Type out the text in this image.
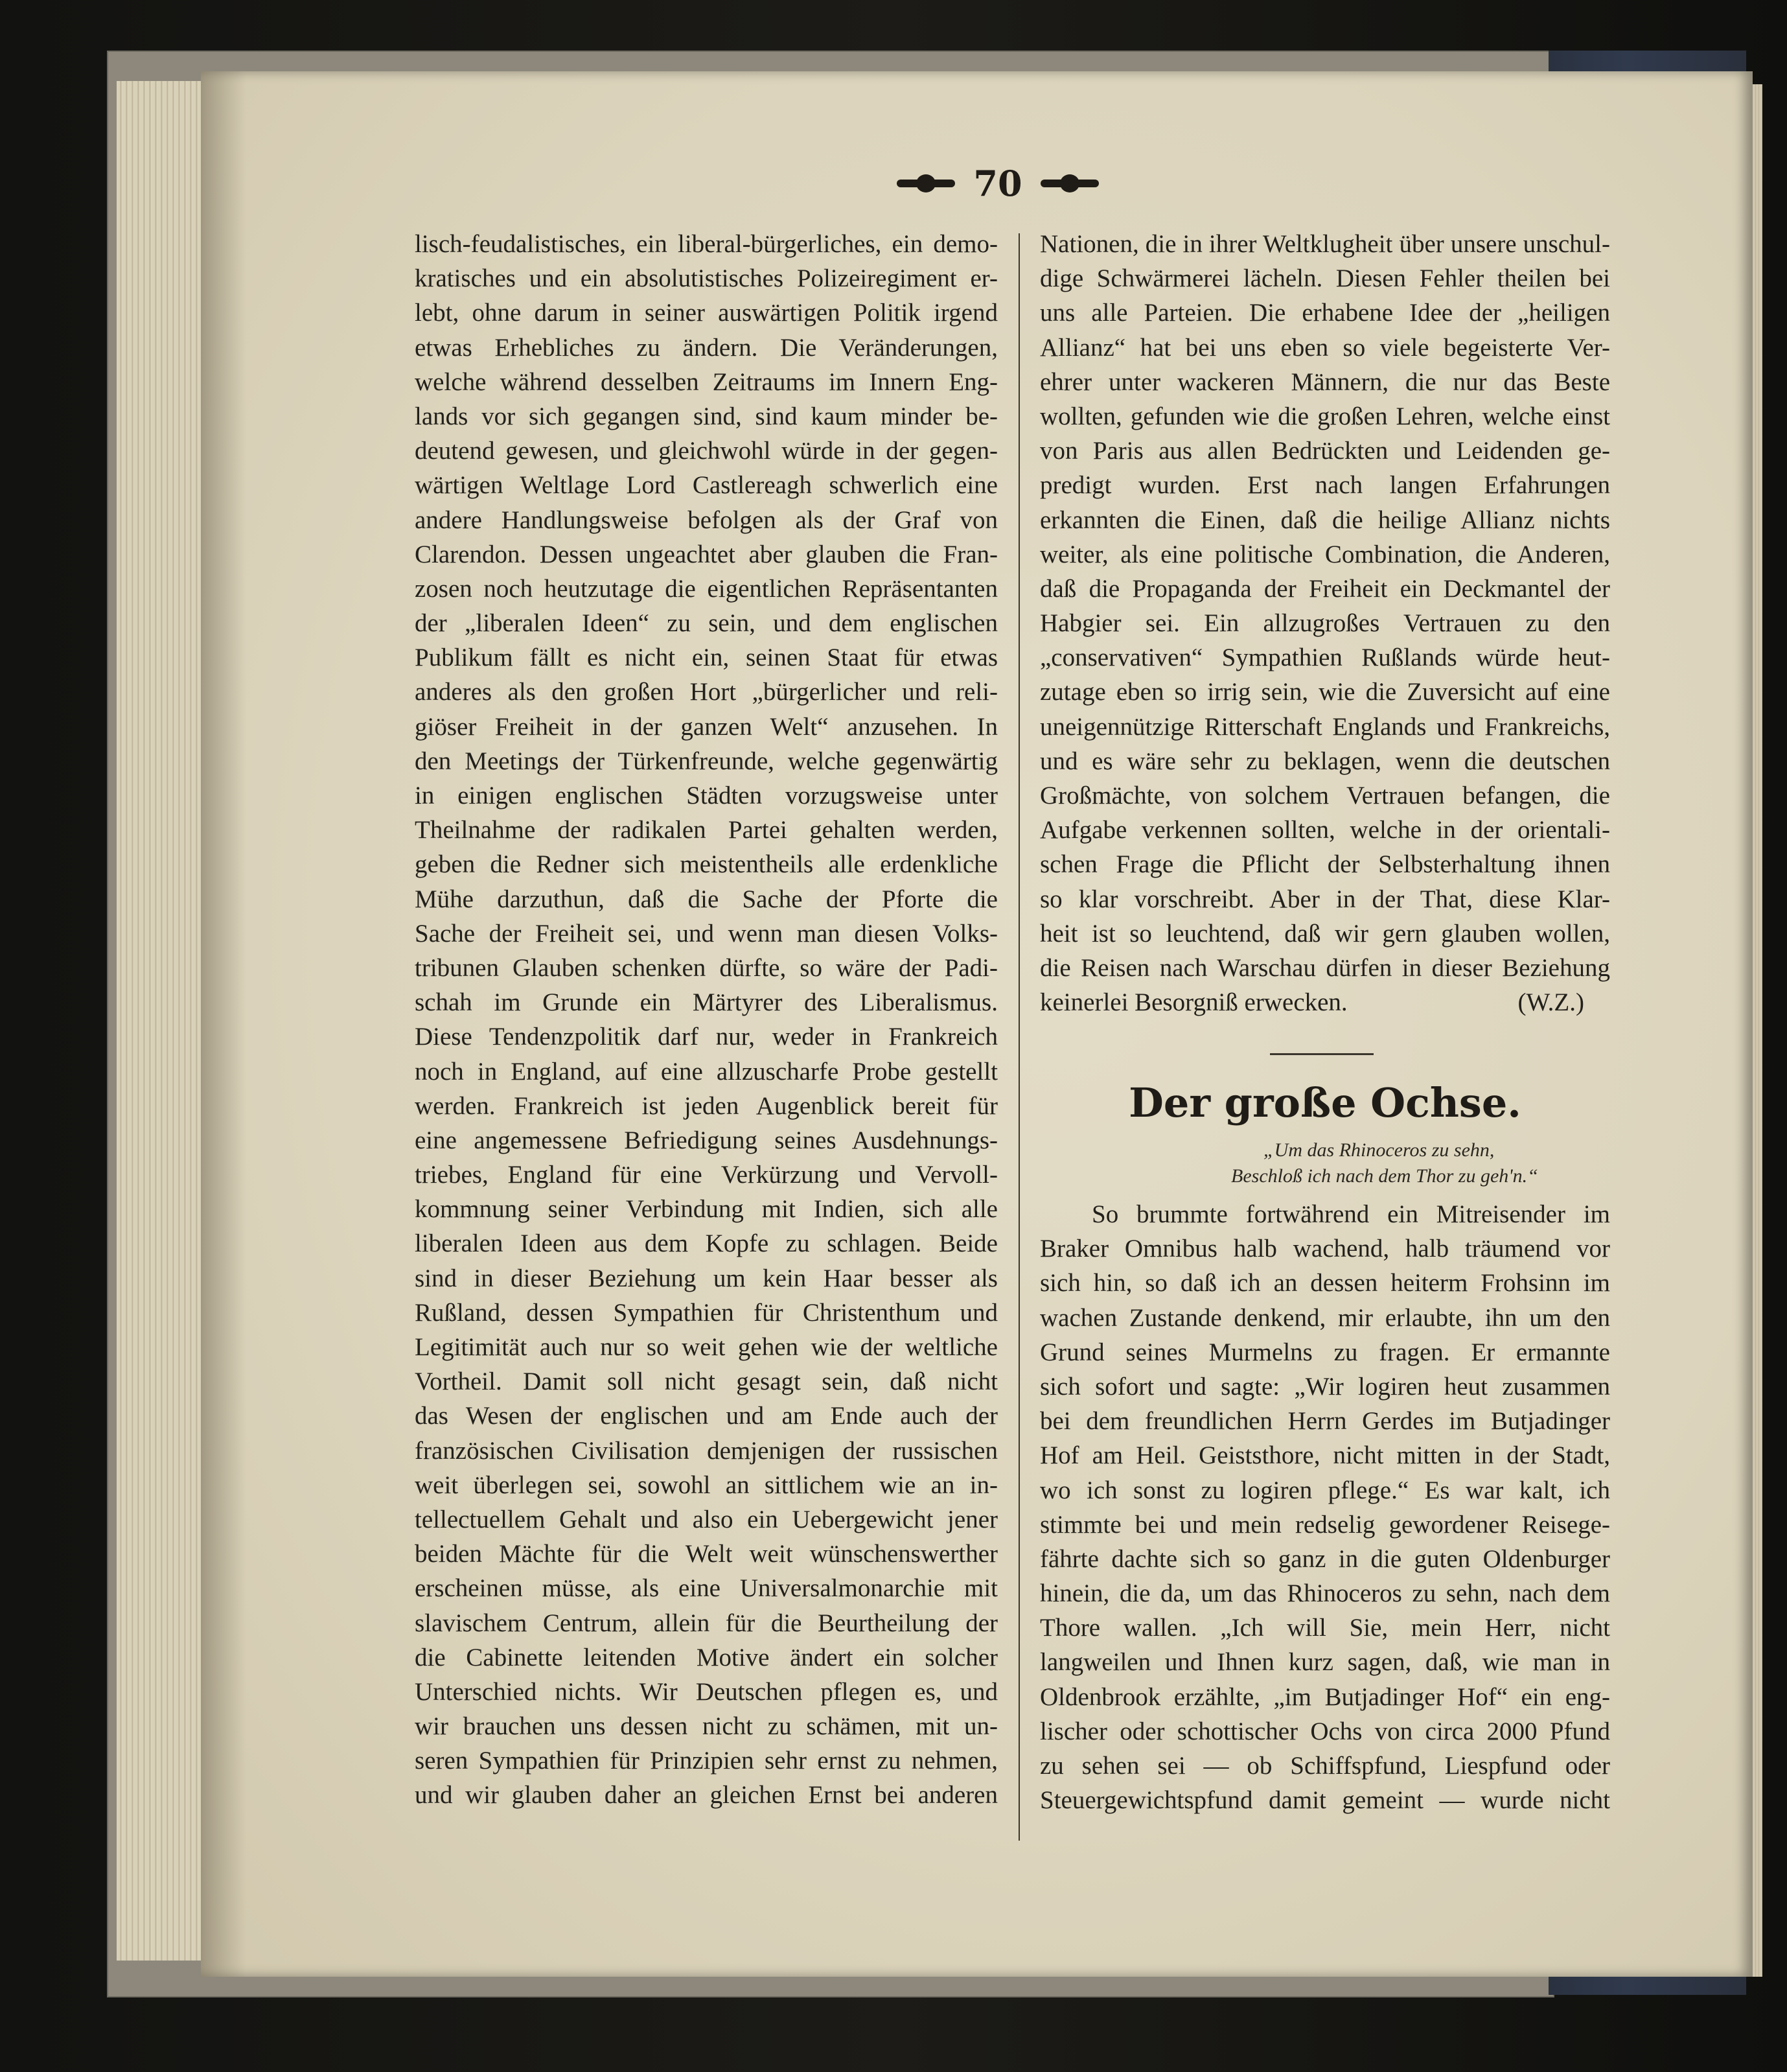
70
lisch-feudalistisches, ein liberal-bürgerliches, ein demo-
kratisches und ein absolutistisches Polizeiregiment er-
lebt, ohne darum in seiner auswärtigen Politik irgend
etwas Erhebliches zu ändern. Die Veränderungen,
welche während desselben Zeitraums im Innern Eng-
lands vor sich gegangen sind, sind kaum minder be-
deutend gewesen, und gleichwohl würde in der gegen-
wärtigen Weltlage Lord Castlereagh schwerlich eine
andere Handlungsweise befolgen als der Graf von
Clarendon. Dessen ungeachtet aber glauben die Fran-
zosen noch heutzutage die eigentlichen Repräsentanten
der „liberalen Ideen“ zu sein, und dem englischen
Publikum fällt es nicht ein, seinen Staat für etwas
anderes als den großen Hort „bürgerlicher und reli-
giöser Freiheit in der ganzen Welt“ anzusehen. In
den Meetings der Türkenfreunde, welche gegenwärtig
in einigen englischen Städten vorzugsweise unter
Theilnahme der radikalen Partei gehalten werden,
geben die Redner sich meistentheils alle erdenkliche
Mühe darzuthun, daß die Sache der Pforte die
Sache der Freiheit sei, und wenn man diesen Volks-
tribunen Glauben schenken dürfte, so wäre der Padi-
schah im Grunde ein Märtyrer des Liberalismus.
Diese Tendenzpolitik darf nur, weder in Frankreich
noch in England, auf eine allzuscharfe Probe gestellt
werden. Frankreich ist jeden Augenblick bereit für
eine angemessene Befriedigung seines Ausdehnungs-
triebes, England für eine Verkürzung und Vervoll-
kommnung seiner Verbindung mit Indien, sich alle
liberalen Ideen aus dem Kopfe zu schlagen. Beide
sind in dieser Beziehung um kein Haar besser als
Rußland, dessen Sympathien für Christenthum und
Legitimität auch nur so weit gehen wie der weltliche
Vortheil. Damit soll nicht gesagt sein, daß nicht
das Wesen der englischen und am Ende auch der
französischen Civilisation demjenigen der russischen
weit überlegen sei, sowohl an sittlichem wie an in-
tellectuellem Gehalt und also ein Uebergewicht jener
beiden Mächte für die Welt weit wünschenswerther
erscheinen müsse, als eine Universalmonarchie mit
slavischem Centrum, allein für die Beurtheilung der
die Cabinette leitenden Motive ändert ein solcher
Unterschied nichts. Wir Deutschen pflegen es, und
wir brauchen uns dessen nicht zu schämen, mit un-
seren Sympathien für Prinzipien sehr ernst zu nehmen,
und wir glauben daher an gleichen Ernst bei anderen
Nationen, die in ihrer Weltklugheit über unsere unschul-
dige Schwärmerei lächeln. Diesen Fehler theilen bei
uns alle Parteien. Die erhabene Idee der „heiligen
Allianz“ hat bei uns eben so viele begeisterte Ver-
ehrer unter wackeren Männern, die nur das Beste
wollten, gefunden wie die großen Lehren, welche einst
von Paris aus allen Bedrückten und Leidenden ge-
predigt wurden. Erst nach langen Erfahrungen
erkannten die Einen, daß die heilige Allianz nichts
weiter, als eine politische Combination, die Anderen,
daß die Propaganda der Freiheit ein Deckmantel der
Habgier sei. Ein allzugroßes Vertrauen zu den
„conservativen“ Sympathien Rußlands würde heut-
zutage eben so irrig sein, wie die Zuversicht auf eine
uneigennützige Ritterschaft Englands und Frankreichs,
und es wäre sehr zu beklagen, wenn die deutschen
Großmächte, von solchem Vertrauen befangen, die
Aufgabe verkennen sollten, welche in der orientali-
schen Frage die Pflicht der Selbsterhaltung ihnen
so klar vorschreibt. Aber in der That, diese Klar-
heit ist so leuchtend, daß wir gern glauben wollen,
die Reisen nach Warschau dürfen in dieser Beziehung
keinerlei Besorgniß erwecken.	(W.Z.)
Der große Ochse.
„Um das Rhinoceros zu sehn,
Beschloß ich nach dem Thor zu geh'n.“
So brummte fortwährend ein Mitreisender im
Braker Omnibus halb wachend, halb träumend vor
sich hin, so daß ich an dessen heiterm Frohsinn im
wachen Zustande denkend, mir erlaubte, ihn um den
Grund seines Murmelns zu fragen. Er ermannte
sich sofort und sagte: „Wir logiren heut zusammen
bei dem freundlichen Herrn Gerdes im Butjadinger
Hof am Heil. Geiststhore, nicht mitten in der Stadt,
wo ich sonst zu logiren pflege.“ Es war kalt, ich
stimmte bei und mein redselig gewordener Reisege-
fährte dachte sich so ganz in die guten Oldenburger
hinein, die da, um das Rhinoceros zu sehn, nach dem
Thore wallen. „Ich will Sie, mein Herr, nicht
langweilen und Ihnen kurz sagen, daß, wie man in
Oldenbrook erzählte, „im Butjadinger Hof“ ein eng-
lischer oder schottischer Ochs von circa 2000 Pfund
zu sehen sei — ob Schiffspfund, Liespfund oder
Steuergewichtspfund damit gemeint — wurde nicht
